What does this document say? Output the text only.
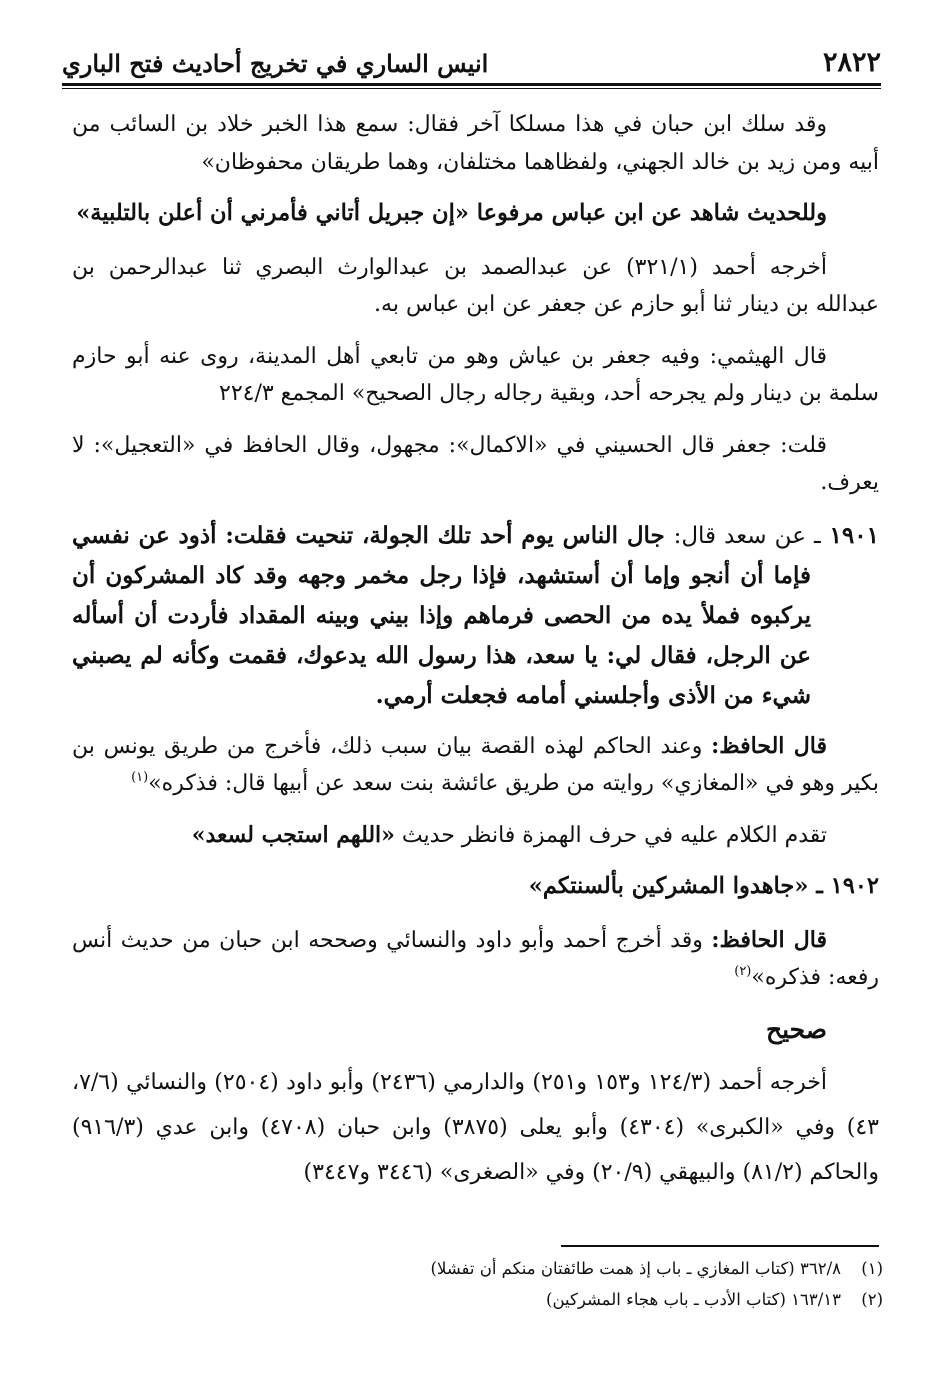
٢٨٢٢
انيس الساري في تخريج أحاديث فتح الباري

وقد سلك ابن حبان في هذا مسلكا آخر فقال: سمع هذا الخبر خلاد بن السائب من أبيه ومن زيد بن خالد الجهني، ولفظاهما مختلفان، وهما طريقان محفوظان»

وللحديث شاهد عن ابن عباس مرفوعا «إن جبريل أتاني فأمرني أن أعلن بالتلبية»

أخرجه أحمد (٣٢١/١) عن عبدالصمد بن عبدالوارث البصري ثنا عبدالرحمن بن عبدالله بن دينار ثنا أبو حازم عن جعفر عن ابن عباس به.

قال الهيثمي: وفيه جعفر بن عياش وهو من تابعي أهل المدينة، روى عنه أبو حازم سلمة بن دينار ولم يجرحه أحد، وبقية رجاله رجال الصحيح» المجمع ٢٢٤/٣

قلت: جعفر قال الحسيني في «الاكمال»: مجهول، وقال الحافظ في «التعجيل»: لا يعرف.

١٩٠١ ـ عن سعد قال: جال الناس يوم أحد تلك الجولة، تنحيت فقلت: أذود عن نفسي فإما أن أنجو وإما أن أستشهد، فإذا رجل مخمر وجهه وقد كاد المشركون أن يركبوه فملأ يده من الحصى فرماهم وإذا بيني وبينه المقداد فأردت أن أسأله عن الرجل، فقال لي: يا سعد، هذا رسول الله يدعوك، فقمت وكأنه لم يصبني شيء من الأذى وأجلسني أمامه فجعلت أرمي.

قال الحافظ: وعند الحاكم لهذه القصة بيان سبب ذلك، فأخرج من طريق يونس بن بكير وهو في «المغازي» روايته من طريق عائشة بنت سعد عن أبيها قال: فذكره»$^{(١)}$

تقدم الكلام عليه في حرف الهمزة فانظر حديث «اللهم استجب لسعد»

١٩٠٢ ـ «جاهدوا المشركين بألسنتكم»

قال الحافظ: وقد أخرج أحمد وأبو داود والنسائي وصححه ابن حبان من حديث أنس رفعه: فذكره»$^{(٢)}$

صحيح

أخرجه أحمد (١٢٤/٣ و١٥٣ و٢٥١) والدارمي (٢٤٣٦) وأبو داود (٢٥٠٤) والنسائي (٧/٦، ٤٣) وفي «الكبرى» (٤٣٠٤) وأبو يعلى (٣٨٧٥) وابن حبان (٤٧٠٨) وابن عدي (٩١٦/٣) والحاكم (٨١/٢) والبيهقي (٢٠/٩) وفي «الصغرى» (٣٤٤٦ و٣٤٤٧)

(١)
٣٦٢/٨ (كتاب المغازي ـ باب إذ همت طائفتان منكم أن تفشلا)
(٢)
١٦٣/١٣ (كتاب الأدب ـ باب هجاء المشركين)
